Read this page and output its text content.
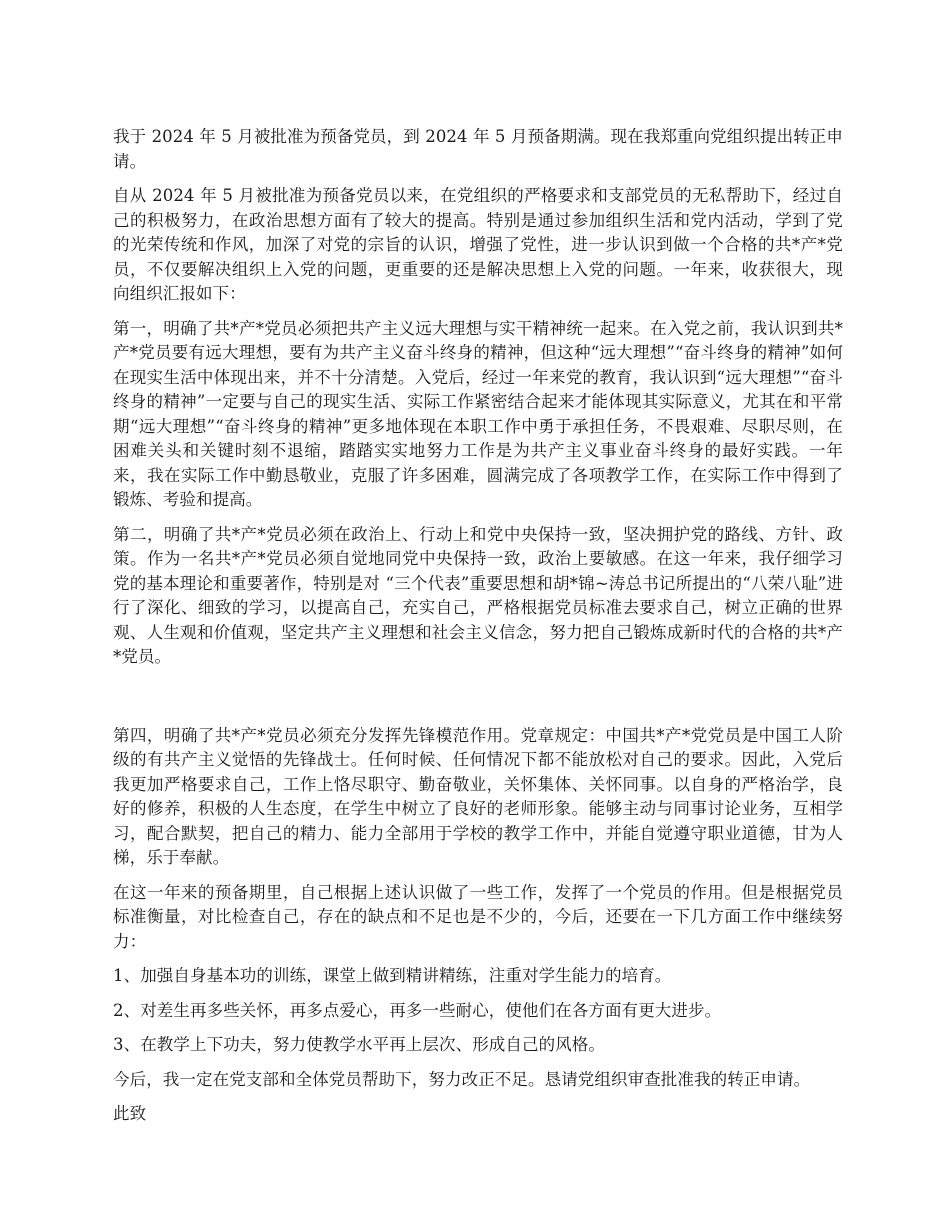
我于 2024 年 5 月被批准为预备党员，到 2024 年 5 月预备期满。现在我郑重向党组织提出转正申请。

自从 2024 年 5 月被批准为预备党员以来，在党组织的严格要求和支部党员的无私帮助下，经过自己的积极努力，在政治思想方面有了较大的提高。特别是通过参加组织生活和党内活动，学到了党的光荣传统和作风，加深了对党的宗旨的认识，增强了党性，进一步认识到做一个合格的共*产*党员，不仅要解决组织上入党的问题，更重要的还是解决思想上入党的问题。一年来，收获很大，现向组织汇报如下：

第一，明确了共*产*党员必须把共产主义远大理想与实干精神统一起来。在入党之前，我认识到共*产*党员要有远大理想，要有为共产主义奋斗终身的精神，但这种“远大理想”“奋斗终身的精神”如何在现实生活中体现出来，并不十分清楚。入党后，经过一年来党的教育，我认识到“远大理想”“奋斗终身的精神”一定要与自己的现实生活、实际工作紧密结合起来才能体现其实际意义，尤其在和平常期“远大理想”“奋斗终身的精神”更多地体现在本职工作中勇于承担任务，不畏艰难、尽职尽则，在困难关头和关键时刻不退缩，踏踏实实地努力工作是为共产主义事业奋斗终身的最好实践。一年来，我在实际工作中勤恳敬业，克服了许多困难，圆满完成了各项教学工作，在实际工作中得到了锻炼、考验和提高。

第二，明确了共*产*党员必须在政治上、行动上和党中央保持一致，坚决拥护党的路线、方针、政策。作为一名共*产*党员必须自觉地同党中央保持一致，政治上要敏感。在这一年来，我仔细学习党的基本理论和重要著作，特别是对 “三个代表”重要思想和胡*锦~涛总书记所提出的“八荣八耻”进行了深化、细致的学习，以提高自己，充实自己，严格根据党员标准去要求自己，树立正确的世界观、人生观和价值观，坚定共产主义理想和社会主义信念，努力把自己锻炼成新时代的合格的共*产*党员。

第四，明确了共*产*党员必须充分发挥先锋模范作用。党章规定：中国共*产*党党员是中国工人阶级的有共产主义觉悟的先锋战士。任何时候、任何情况下都不能放松对自己的要求。因此，入党后我更加严格要求自己，工作上恪尽职守、勤奋敬业，关怀集体、关怀同事。以自身的严格治学，良好的修养，积极的人生态度，在学生中树立了良好的老师形象。能够主动与同事讨论业务，互相学习，配合默契，把自己的精力、能力全部用于学校的教学工作中，并能自觉遵守职业道德，甘为人梯，乐于奉献。

在这一年来的预备期里，自己根据上述认识做了一些工作，发挥了一个党员的作用。但是根据党员标准衡量，对比检查自己，存在的缺点和不足也是不少的，今后，还要在一下几方面工作中继续努力：

1、加强自身基本功的训练，课堂上做到精讲精练，注重对学生能力的培育。

2、对差生再多些关怀，再多点爱心，再多一些耐心，使他们在各方面有更大进步。

3、在教学上下功夫，努力使教学水平再上层次、形成自己的风格。

今后，我一定在党支部和全体党员帮助下，努力改正不足。恳请党组织审查批准我的转正申请。

此致
